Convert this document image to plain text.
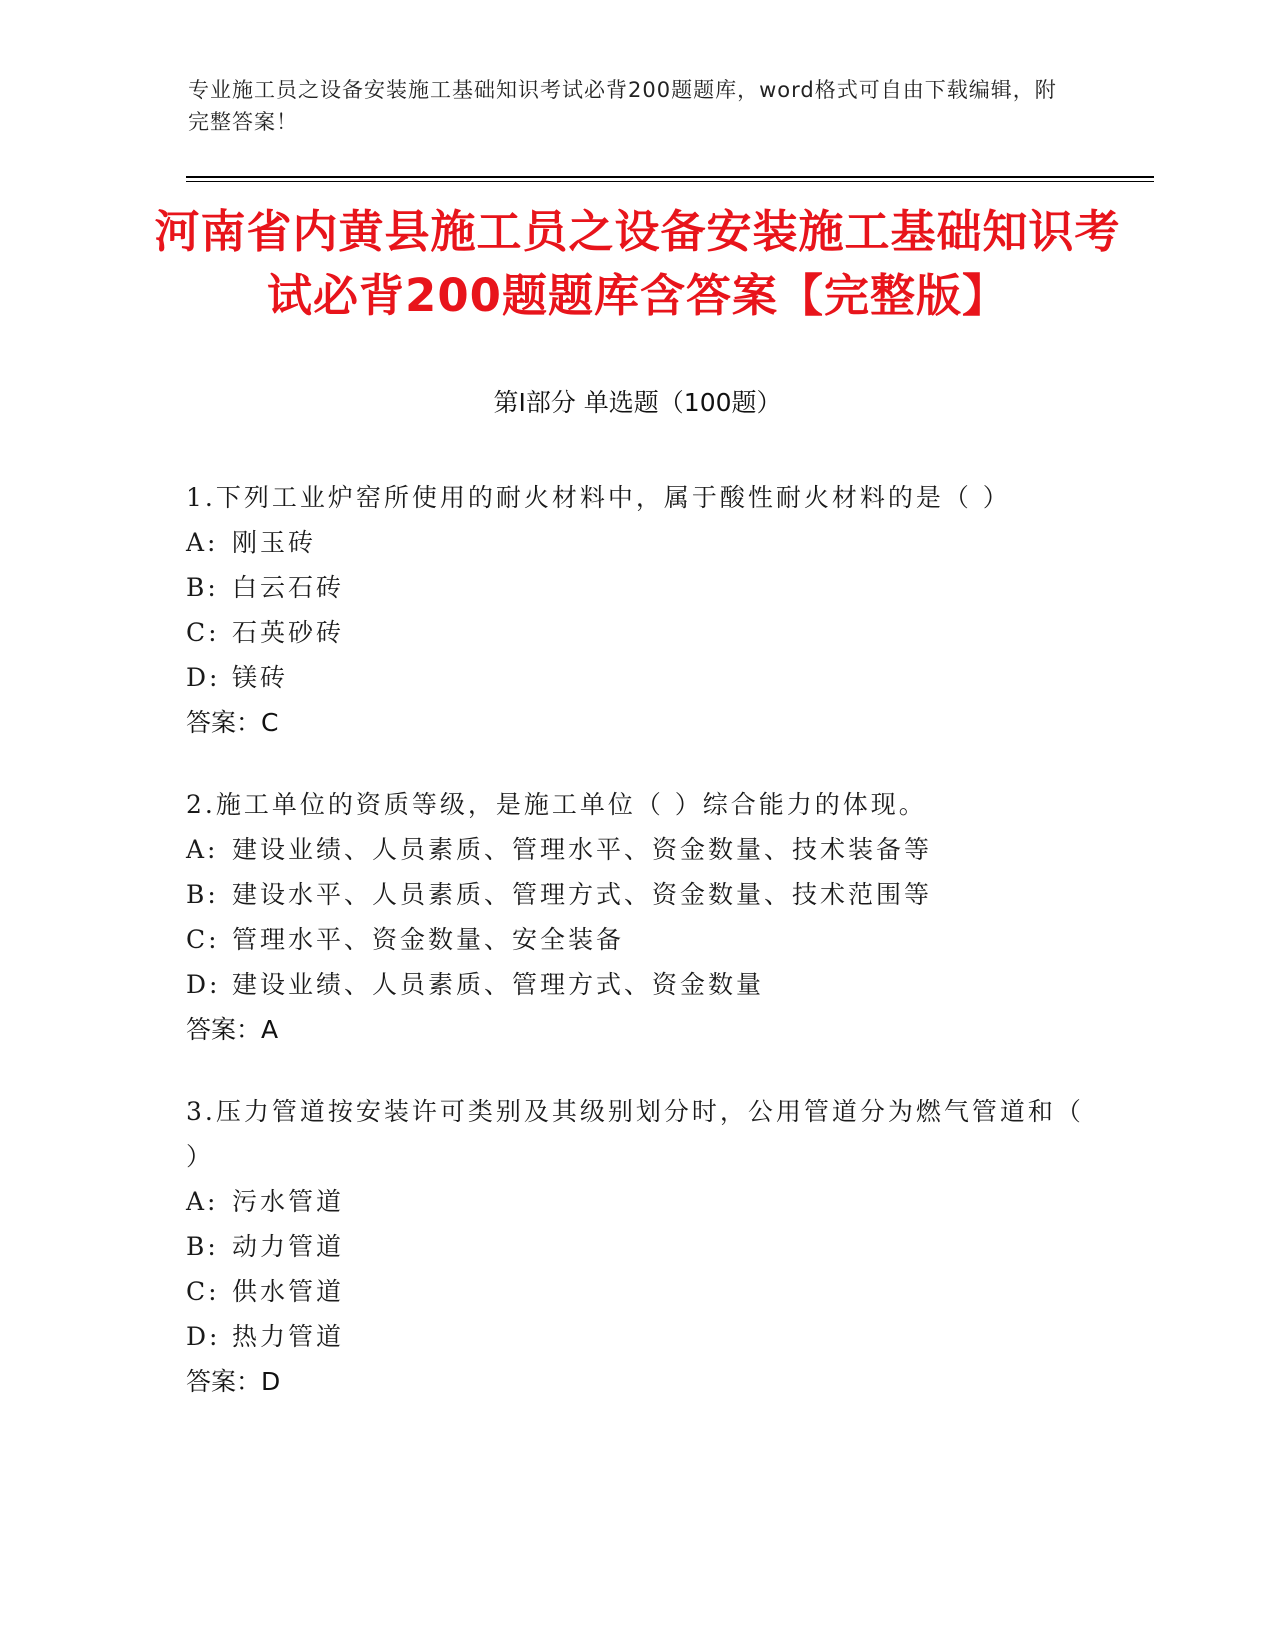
专业施工员之设备安装施工基础知识考试必背200题题库，word格式可自由下载编辑，附完整答案！
河南省内黄县施工员之设备安装施工基础知识考试必背200题题库含答案【完整版】
第I部分 单选题（100题）
1.下列工业炉窑所使用的耐火材料中，属于酸性耐火材料的是（ ）
A: 刚玉砖
B: 白云石砖
C: 石英砂砖
D: 镁砖
答案：C
2.施工单位的资质等级，是施工单位（ ）综合能力的体现。
A: 建设业绩、人员素质、管理水平、资金数量、技术装备等
B: 建设水平、人员素质、管理方式、资金数量、技术范围等
C: 管理水平、资金数量、安全装备
D: 建设业绩、人员素质、管理方式、资金数量
答案：A
3.压力管道按安装许可类别及其级别划分时，公用管道分为燃气管道和（ ）
A: 污水管道
B: 动力管道
C: 供水管道
D: 热力管道
答案：D
